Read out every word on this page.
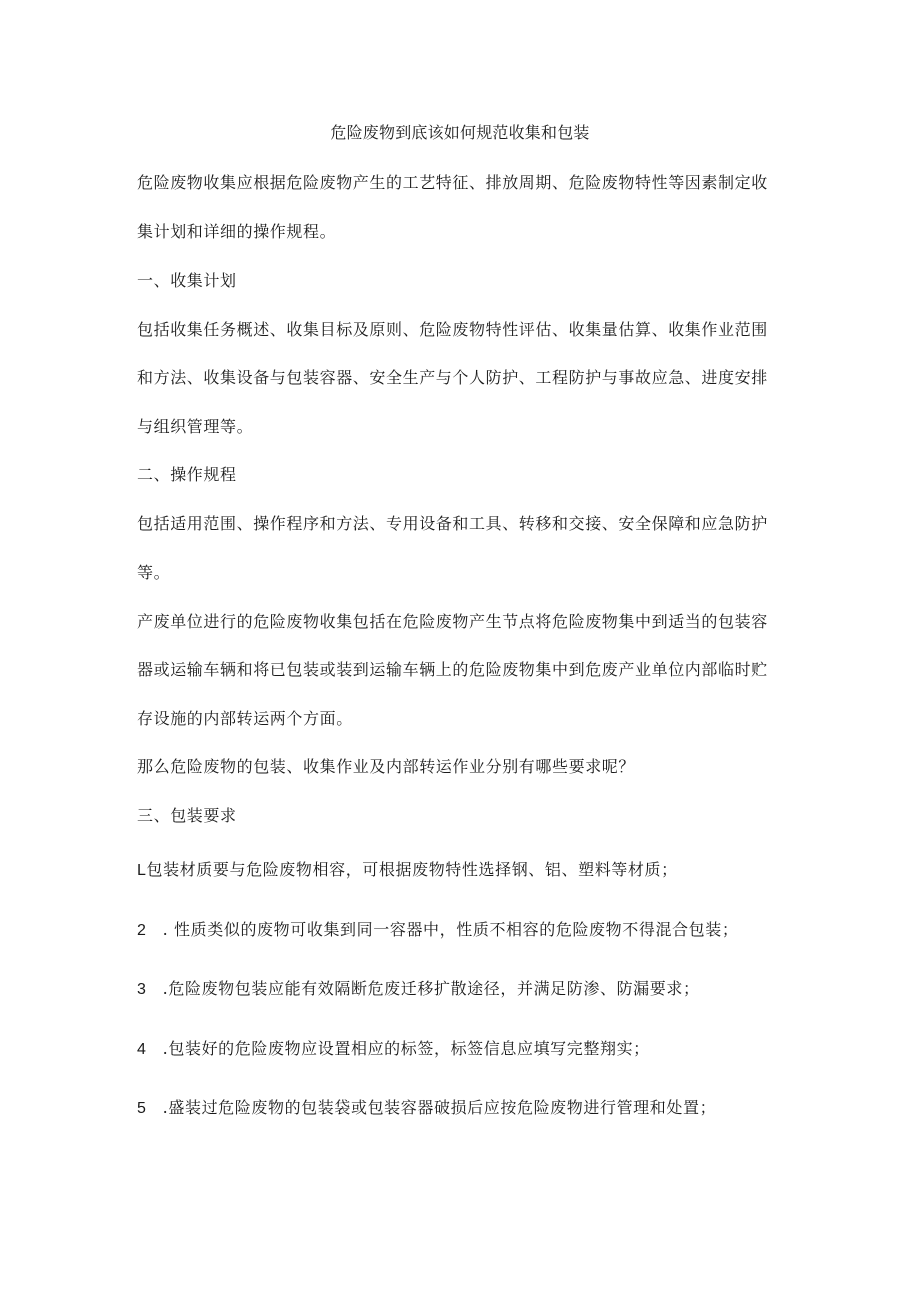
危险废物到底该如何规范收集和包装
危险废物收集应根据危险废物产生的工艺特征、排放周期、危险废物特性等因素制定收
集计划和详细的操作规程。
一、收集计划
包括收集任务概述、收集目标及原则、危险废物特性评估、收集量估算、收集作业范围
和方法、收集设备与包装容器、安全生产与个人防护、工程防护与事故应急、进度安排
与组织管理等。
二、操作规程
包括适用范围、操作程序和方法、专用设备和工具、转移和交接、安全保障和应急防护
等。
产废单位进行的危险废物收集包括在危险废物产生节点将危险废物集中到适当的包装容
器或运输车辆和将已包装或装到运输车辆上的危险废物集中到危废产业单位内部临时贮
存设施的内部转运两个方面。
那么危险废物的包装、收集作业及内部转运作业分别有哪些要求呢？
三、包装要求
L包装材质要与危险废物相容，可根据废物特性选择钢、铝、塑料等材质；
2 . 性质类似的废物可收集到同一容器中，性质不相容的危险废物不得混合包装；
3 .危险废物包装应能有效隔断危废迁移扩散途径，并满足防渗、防漏要求；
4 .包装好的危险废物应设置相应的标签，标签信息应填写完整翔实；
5 .盛装过危险废物的包装袋或包装容器破损后应按危险废物进行管理和处置；
